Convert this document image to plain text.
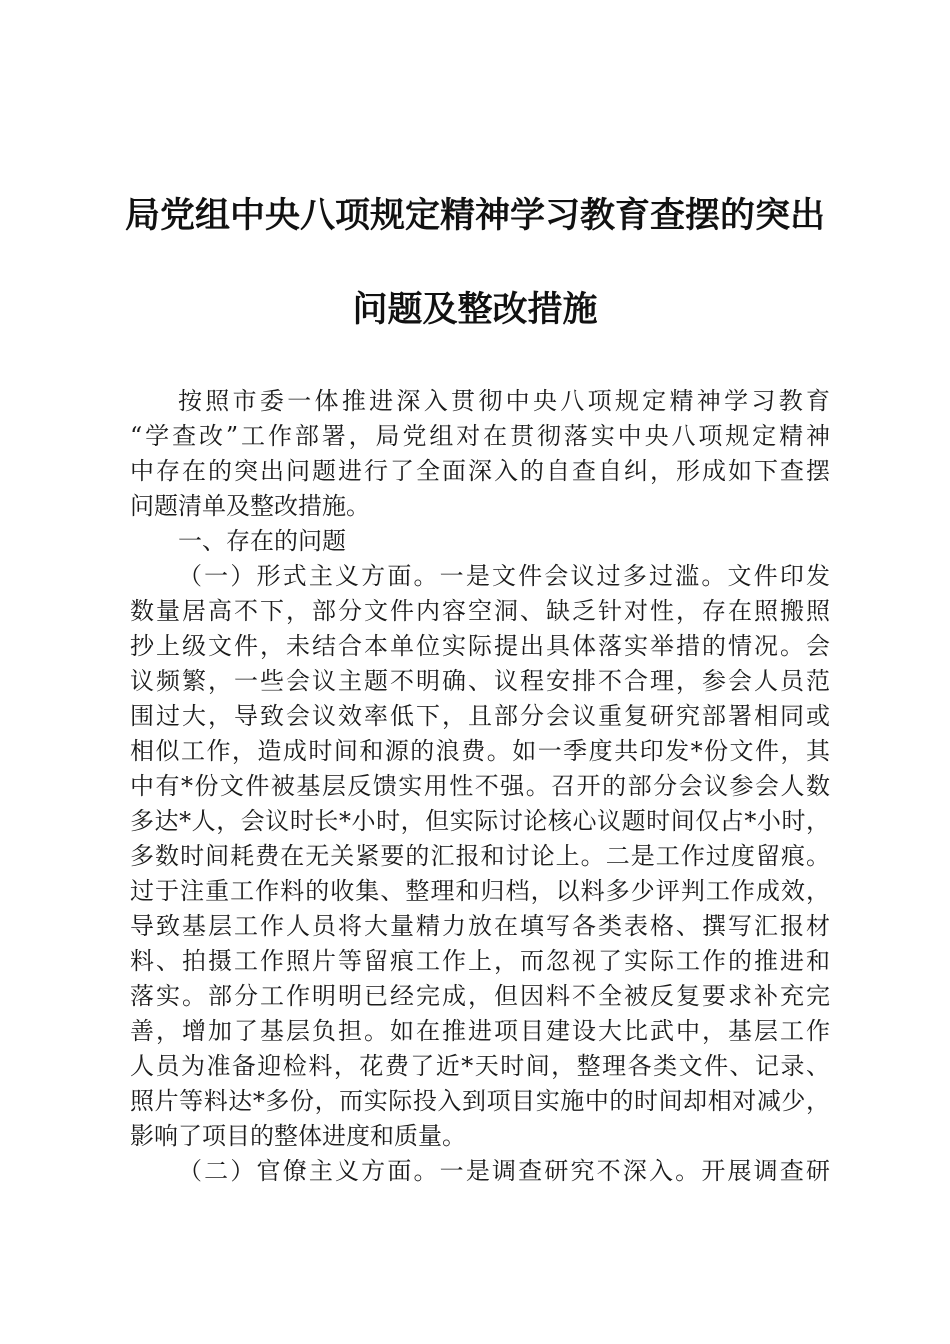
局党组中央八项规定精神学习教育查摆的突出
问题及整改措施
按照市委一体推进深入贯彻中央八项规定精神学习教育
“学查改”工作部署，局党组对在贯彻落实中央八项规定精神
中存在的突出问题进行了全面深入的自查自纠，形成如下查摆
问题清单及整改措施。
一、存在的问题
（一）形式主义方面。一是文件会议过多过滥。文件印发
数量居高不下，部分文件内容空洞、缺乏针对性，存在照搬照
抄上级文件，未结合本单位实际提出具体落实举措的情况。会
议频繁，一些会议主题不明确、议程安排不合理，参会人员范
围过大，导致会议效率低下，且部分会议重复研究部署相同或
相似工作，造成时间和源的浪费。如一季度共印发*份文件，其
中有*份文件被基层反馈实用性不强。召开的部分会议参会人数
多达*人，会议时长*小时，但实际讨论核心议题时间仅占*小时，
多数时间耗费在无关紧要的汇报和讨论上。二是工作过度留痕。
过于注重工作料的收集、整理和归档，以料多少评判工作成效，
导致基层工作人员将大量精力放在填写各类表格、撰写汇报材
料、拍摄工作照片等留痕工作上，而忽视了实际工作的推进和
落实。部分工作明明已经完成，但因料不全被反复要求补充完
善，增加了基层负担。如在推进项目建设大比武中，基层工作
人员为准备迎检料，花费了近*天时间，整理各类文件、记录、
照片等料达*多份，而实际投入到项目实施中的时间却相对减少，
影响了项目的整体进度和质量。
（二）官僚主义方面。一是调查研究不深入。开展调查研
